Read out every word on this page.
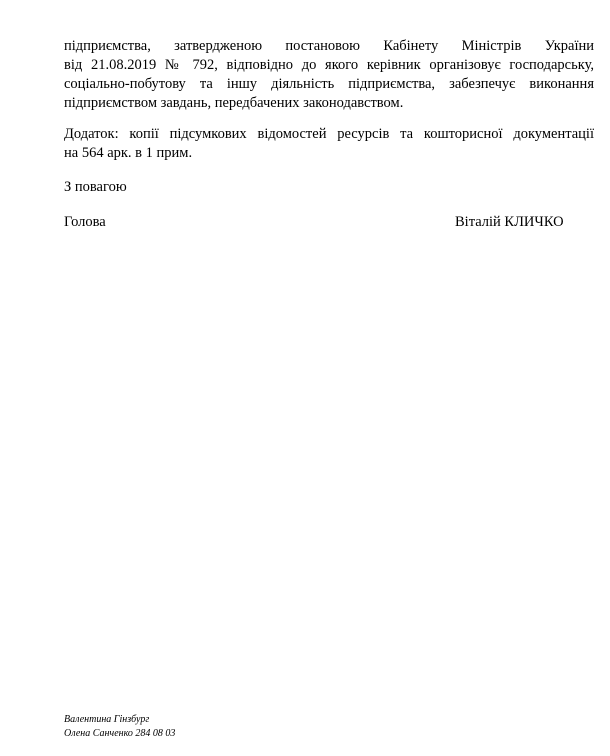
підприємства, затвердженою постановою Кабінету Міністрів України
від 21.08.2019 № 792, відповідно до якого керівник організовує господарську,
соціально-побутову та іншу діяльність підприємства, забезпечує виконання
підприємством завдань, передбачених законодавством.

Додаток: копії підсумкових відомостей ресурсів та кошторисної документації
на 564 арк. в 1 прим.

З повагою

Голова	Віталій КЛИЧКО

Валентина Гінзбург
Олена Санченко 284 08 03
